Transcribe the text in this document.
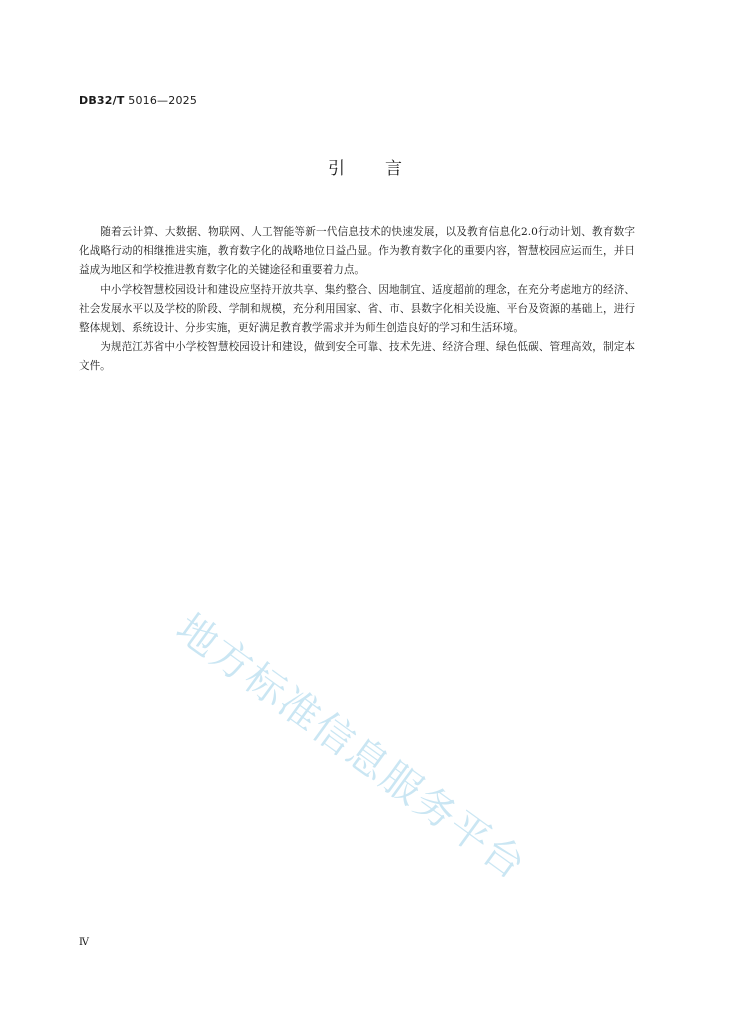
DB32/T 5016—2025
引言

随着云计算、大数据、物联网、人工智能等新一代信息技术的快速发展，以及教育信息化2.0行动计划、教育数字化战略行动的相继推进实施，教育数字化的战略地位日益凸显。作为教育数字化的重要内容，智慧校园应运而生，并日益成为地区和学校推进教育数字化的关键途径和重要着力点。

中小学校智慧校园设计和建设应坚持开放共享、集约整合、因地制宜、适度超前的理念，在充分考虑地方的经济、社会发展水平以及学校的阶段、学制和规模，充分利用国家、省、市、县数字化相关设施、平台及资源的基础上，进行整体规划、系统设计、分步实施，更好满足教育教学需求并为师生创造良好的学习和生活环境。

为规范江苏省中小学校智慧校园设计和建设，做到安全可靠、技术先进、经济合理、绿色低碳、管理高效，制定本文件。

地方标准信息服务平台
Ⅳ
